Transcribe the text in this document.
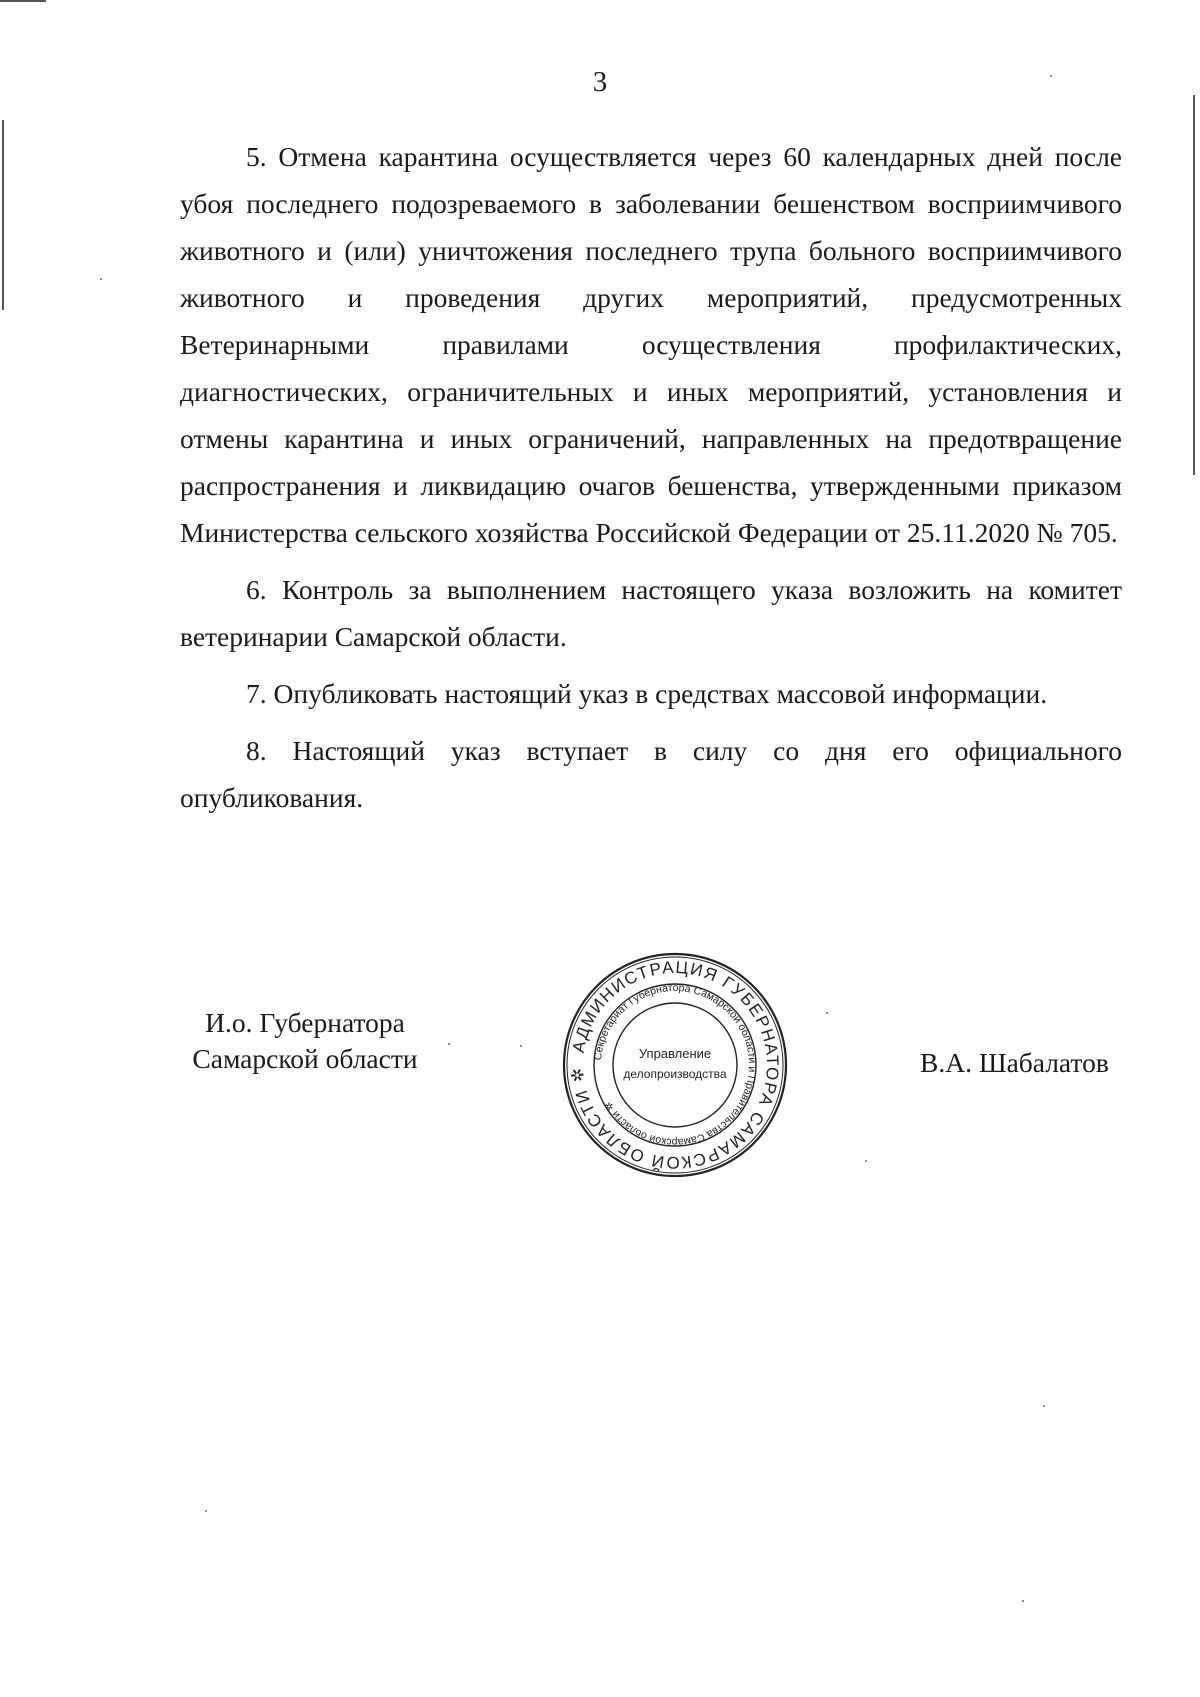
3

5. Отмена карантина осуществляется через 60 календарных дней после убоя последнего подозреваемого в заболевании бешенством восприимчивого животного и (или) уничтожения последнего трупа больного восприимчивого животного и проведения других мероприятий, предусмотренных Ветеринарными правилами осуществления профилактических, диагностических, ограничительных и иных мероприятий, установления и отмены карантина и иных ограничений, направленных на предотвращение распространения и ликвидацию очагов бешенства, утвержденными приказом Министерства сельского хозяйства Российской Федерации от 25.11.2020 № 705.

6. Контроль за выполнением настоящего указа возложить на комитет ветеринарии Самарской области.

7. Опубликовать настоящий указ в средствах массовой информации.

8. Настоящий указ вступает в силу со дня его официального опубликования.

И.о. Губернатора
Самарской области	АДМИНИСТРАЦИЯ ГУБЕРНАТОРА САМАРСКОЙ ОБЛАСТИ ✲
Секретариат Губернатора Самарской области и Правительства Самарской области ✲
Управление
делопроизводства	В.А. Шабалатов
